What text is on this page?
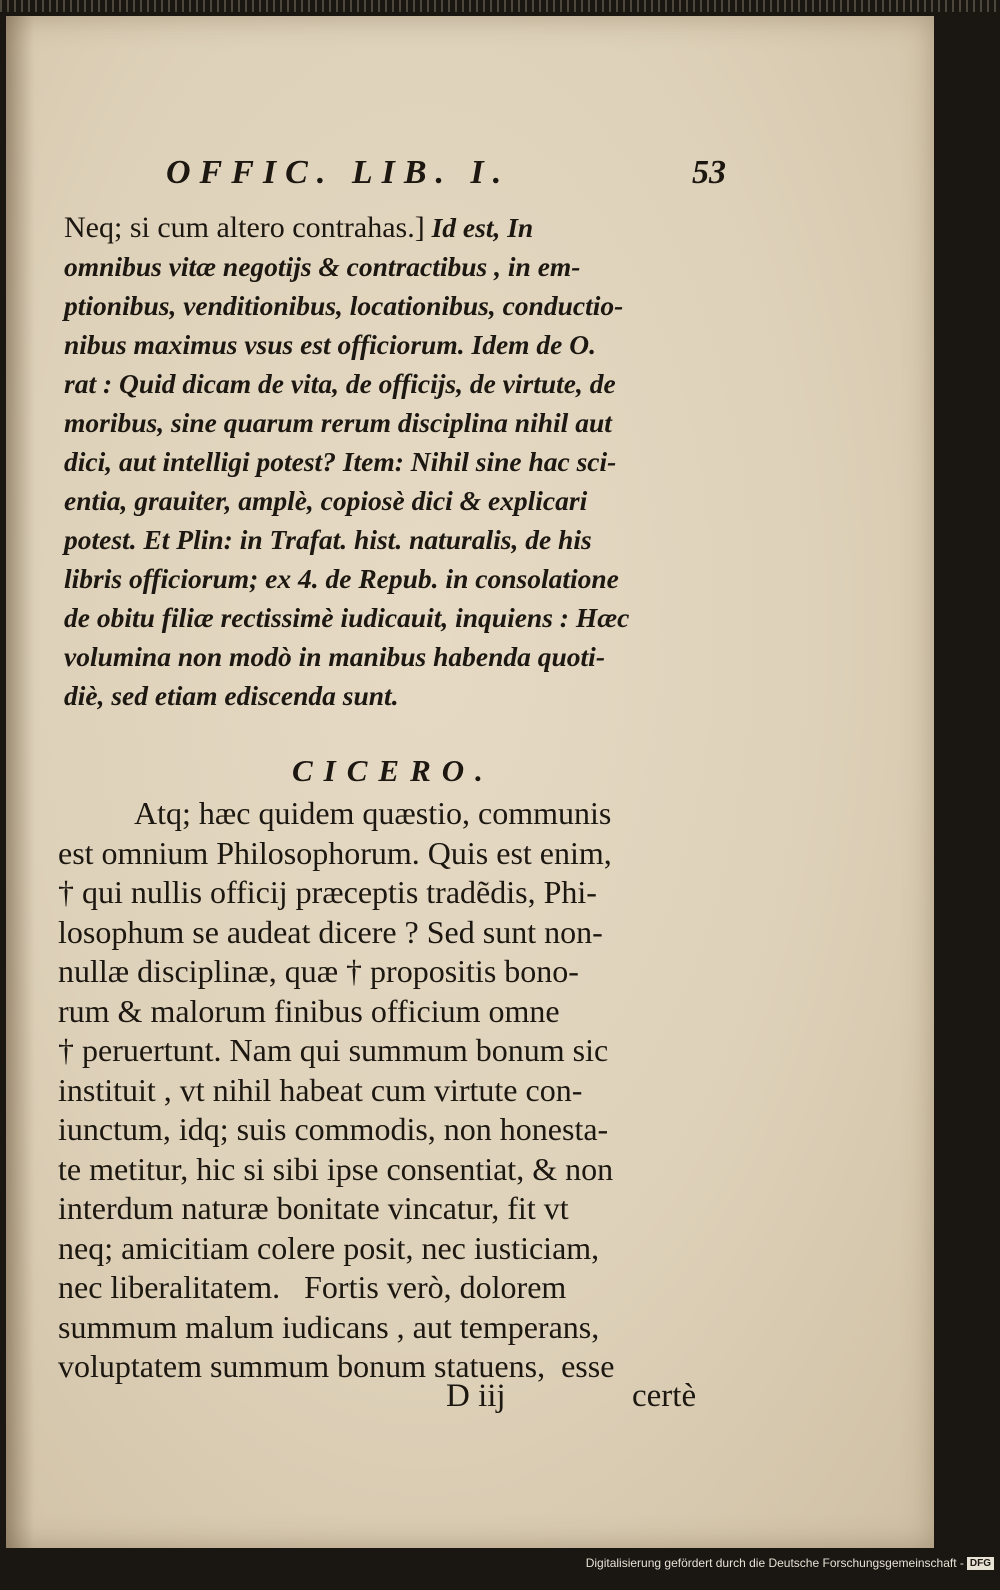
OFFIC. LIB. I.	53
Neq; si cum altero contrahas.] Id est, In
omnibus vitæ negotijs & contractibus , in em-
ptionibus, venditionibus, locationibus, conductio-
nibus maximus vsus est officiorum. Idem de O.
rat : Quid dicam de vita, de officijs, de virtute, de
moribus, sine quarum rerum disciplina nihil aut
dici, aut intelligi potest? Item: Nihil sine hac sci-
entia, grauiter, amplè, copiosè dici & explicari
potest. Et Plin: in Trafat. hist. naturalis, de his
libris officiorum; ex 4. de Repub. in consolatione
de obitu filiæ rectissimè iudicauit, inquiens : Hæc
volumina non modò in manibus habenda quoti-
diè, sed etiam ediscenda sunt.
CICERO.
Atq; hæc quidem quæstio, communis
est omnium Philosophorum. Quis est enim,
† qui nullis officij præceptis tradẽdis, Phi-
losophum se audeat dicere ? Sed sunt non-
nullæ disciplinæ, quæ † propositis bono-
rum & malorum finibus officium omne
† peruertunt. Nam qui summum bonum sic
instituit , vt nihil habeat cum virtute con-
iunctum, idq; suis commodis, non honesta-
te metitur, hic si sibi ipse consentiat, & non
interdum naturæ bonitate vincatur, fit vt
neq; amicitiam colere posit, nec iusticiam,
nec liberalitatem.   Fortis verò, dolorem
summum malum iudicans , aut temperans,
voluptatem summum bonum statuens,  esse
D iij	certè
Digitalisierung gefördert durch die Deutsche Forschungsgemeinschaft - DFG
